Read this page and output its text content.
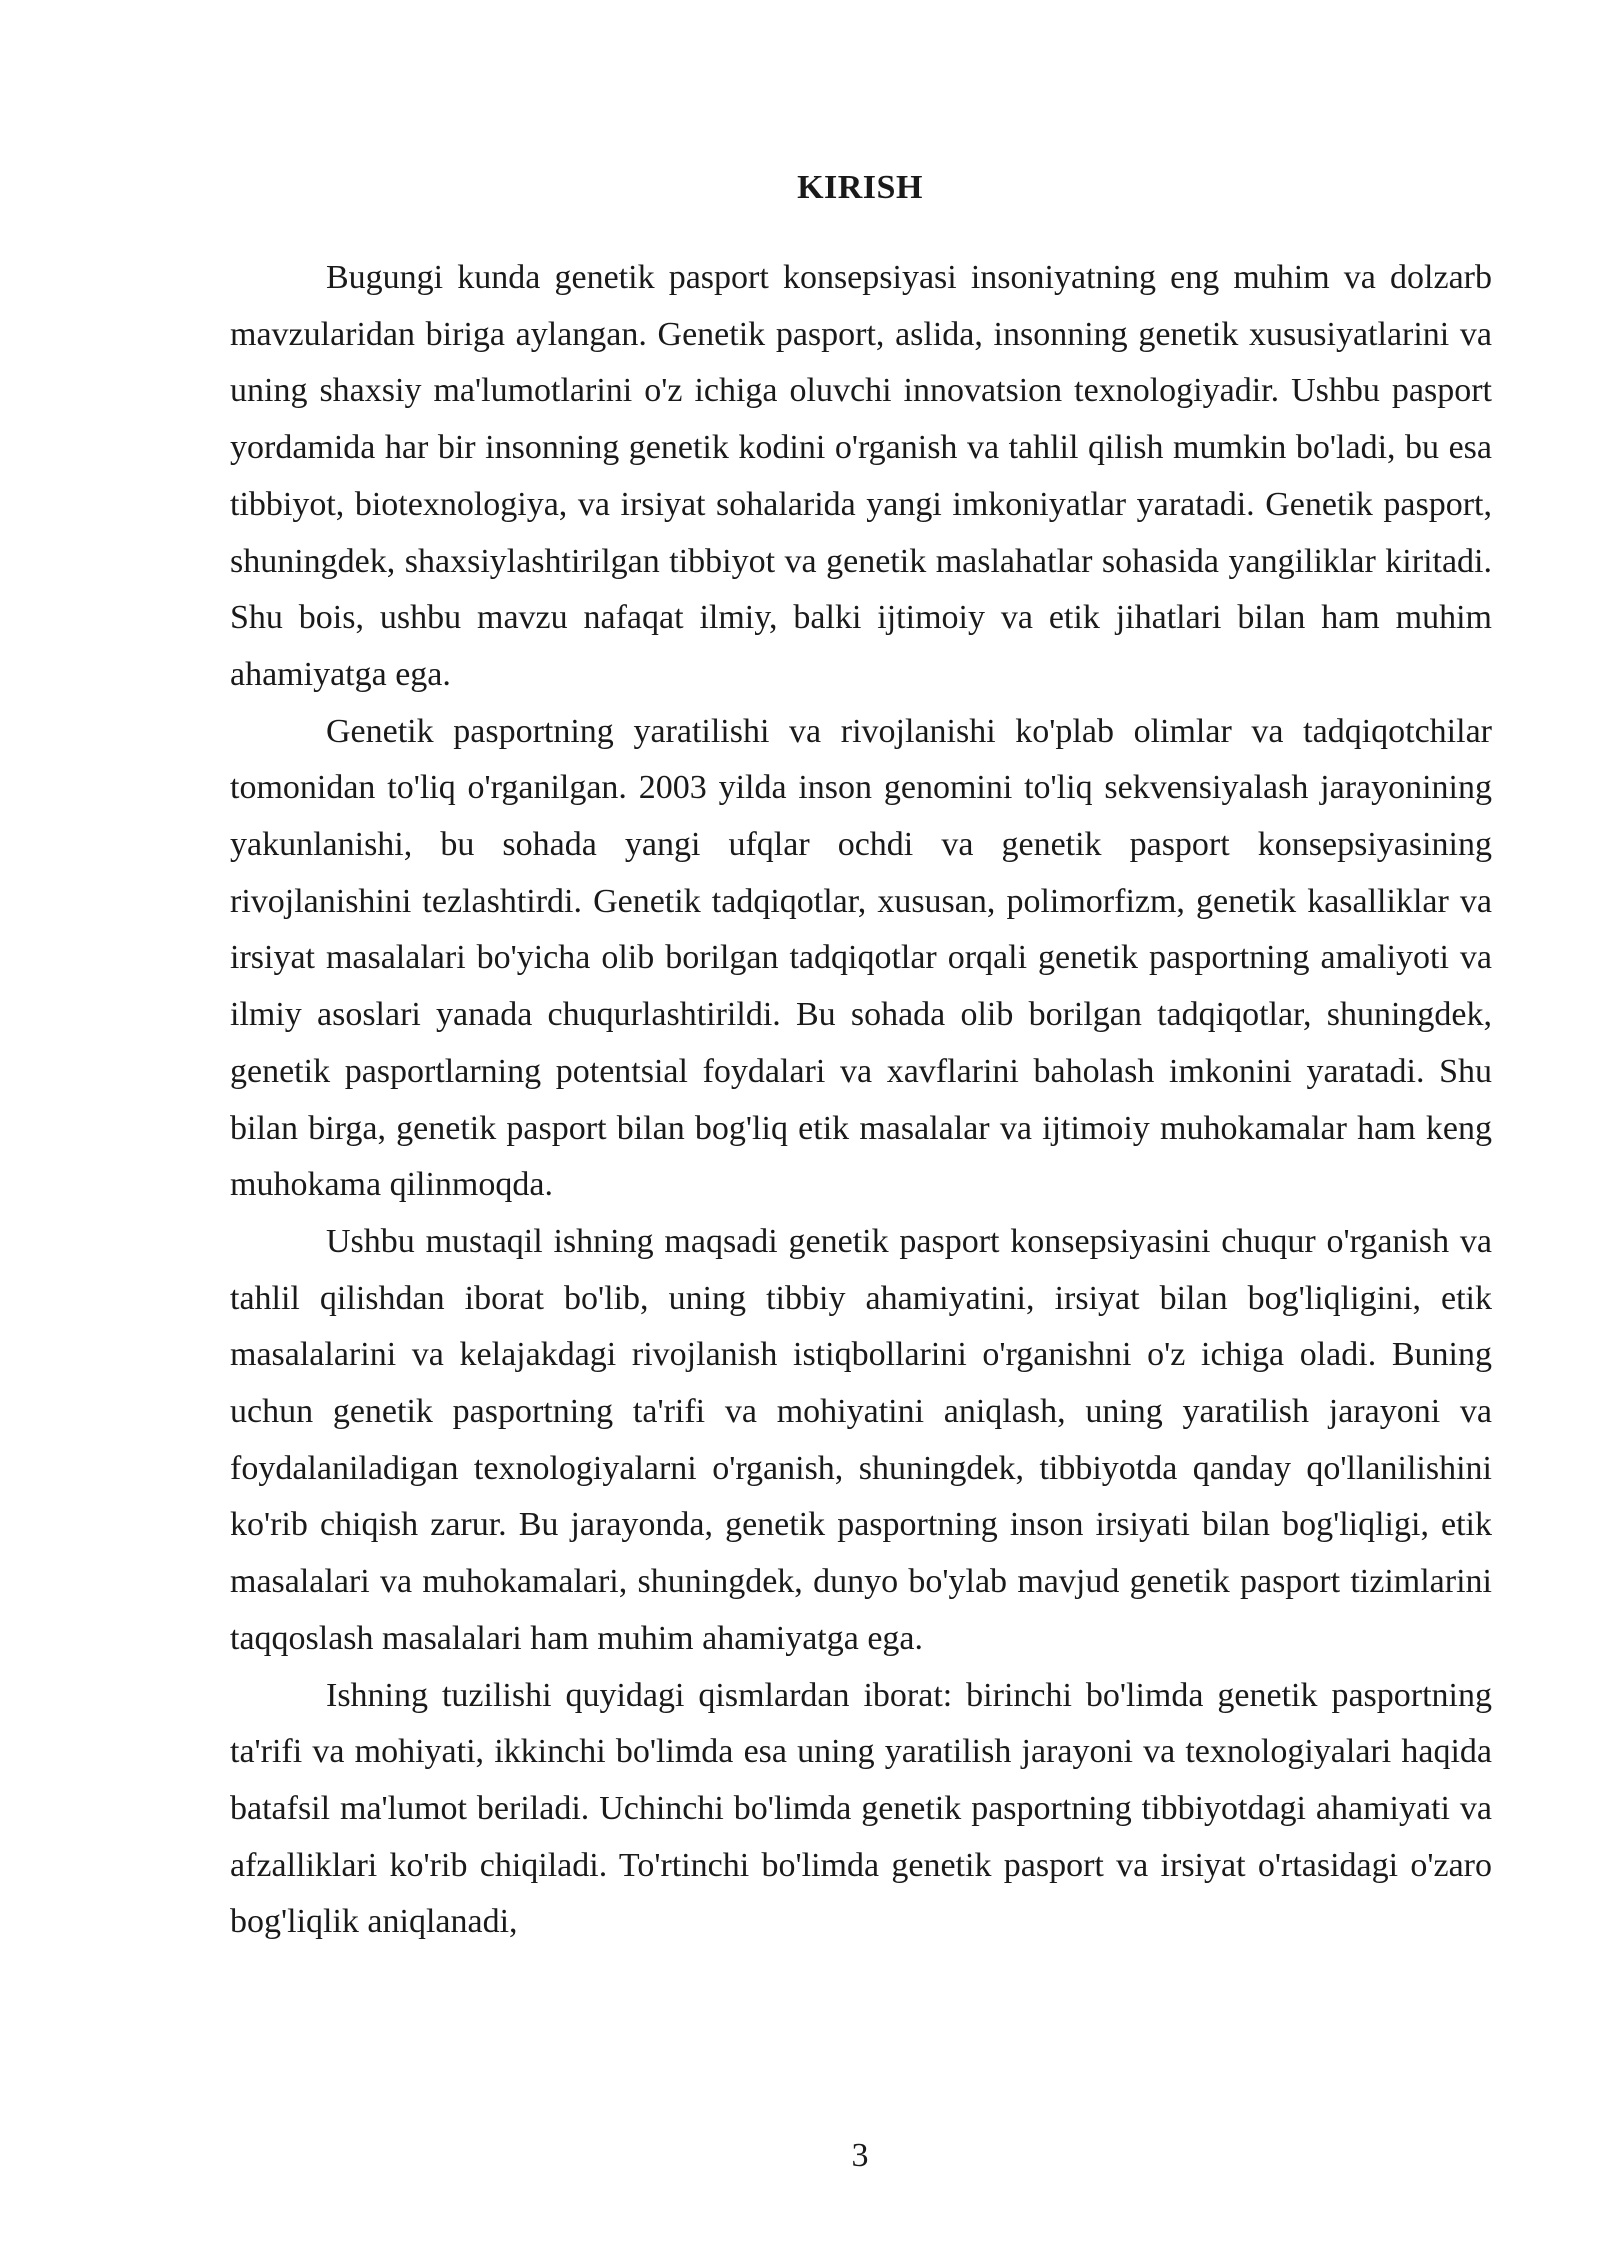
KIRISH

Bugungi kunda genetik pasport konsepsiyasi insoniyatning eng muhim va dolzarb mavzularidan biriga aylangan. Genetik pasport, aslida, insonning genetik xususiyatlarini va uning shaxsiy ma'lumotlarini o'z ichiga oluvchi innovatsion texnologiyadir. Ushbu pasport yordamida har bir insonning genetik kodini o'rganish va tahlil qilish mumkin bo'ladi, bu esa tibbiyot, biotexnologiya, va irsiyat sohalarida yangi imkoniyatlar yaratadi. Genetik pasport, shuningdek, shaxsiylashtirilgan tibbiyot va genetik maslahatlar sohasida yangiliklar kiritadi. Shu bois, ushbu mavzu nafaqat ilmiy, balki ijtimoiy va etik jihatlari bilan ham muhim ahamiyatga ega.

Genetik pasportning yaratilishi va rivojlanishi ko'plab olimlar va tadqiqotchilar tomonidan to'liq o'rganilgan. 2003 yilda inson genomini to'liq sekvensiyalash jarayonining yakunlanishi, bu sohada yangi ufqlar ochdi va genetik pasport konsepsiyasining rivojlanishini tezlashtirdi. Genetik tadqiqotlar, xususan, polimorfizm, genetik kasalliklar va irsiyat masalalari bo'yicha olib borilgan tadqiqotlar orqali genetik pasportning amaliyoti va ilmiy asoslari yanada chuqurlashtirildi. Bu sohada olib borilgan tadqiqotlar, shuningdek, genetik pasportlarning potentsial foydalari va xavflarini baholash imkonini yaratadi. Shu bilan birga, genetik pasport bilan bog'liq etik masalalar va ijtimoiy muhokamalar ham keng muhokama qilinmoqda.

Ushbu mustaqil ishning maqsadi genetik pasport konsepsiyasini chuqur o'rganish va tahlil qilishdan iborat bo'lib, uning tibbiy ahamiyatini, irsiyat bilan bog'liqligini, etik masalalarini va kelajakdagi rivojlanish istiqbollarini o'rganishni o'z ichiga oladi. Buning uchun genetik pasportning ta'rifi va mohiyatini aniqlash, uning yaratilish jarayoni va foydalaniladigan texnologiyalarni o'rganish, shuningdek, tibbiyotda qanday qo'llanilishini ko'rib chiqish zarur. Bu jarayonda, genetik pasportning inson irsiyati bilan bog'liqligi, etik masalalari va muhokamalari, shuningdek, dunyo bo'ylab mavjud genetik pasport tizimlarini taqqoslash masalalari ham muhim ahamiyatga ega.

Ishning tuzilishi quyidagi qismlardan iborat: birinchi bo'limda genetik pasportning ta'rifi va mohiyati, ikkinchi bo'limda esa uning yaratilish jarayoni va texnologiyalari haqida batafsil ma'lumot beriladi. Uchinchi bo'limda genetik pasportning tibbiyotdagi ahamiyati va afzalliklari ko'rib chiqiladi. To'rtinchi bo'limda genetik pasport va irsiyat o'rtasidagi o'zaro bog'liqlik aniqlanadi,

3
